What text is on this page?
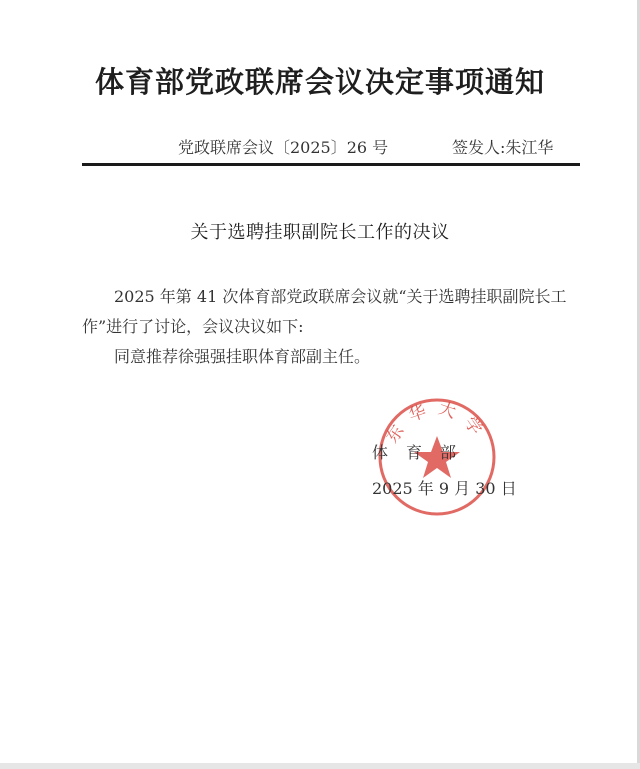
体育部党政联席会议决定事项通知
党政联席会议〔2025〕26 号	签发人:朱江华
关于选聘挂职副院长工作的决议
2025 年第 41 次体育部党政联席会议就“关于选聘挂职副院长工作”进行了讨论，会议决议如下:
同意推荐徐强强挂职体育部副主任。
东华大学
体育部
2025 年 9 月 30 日
